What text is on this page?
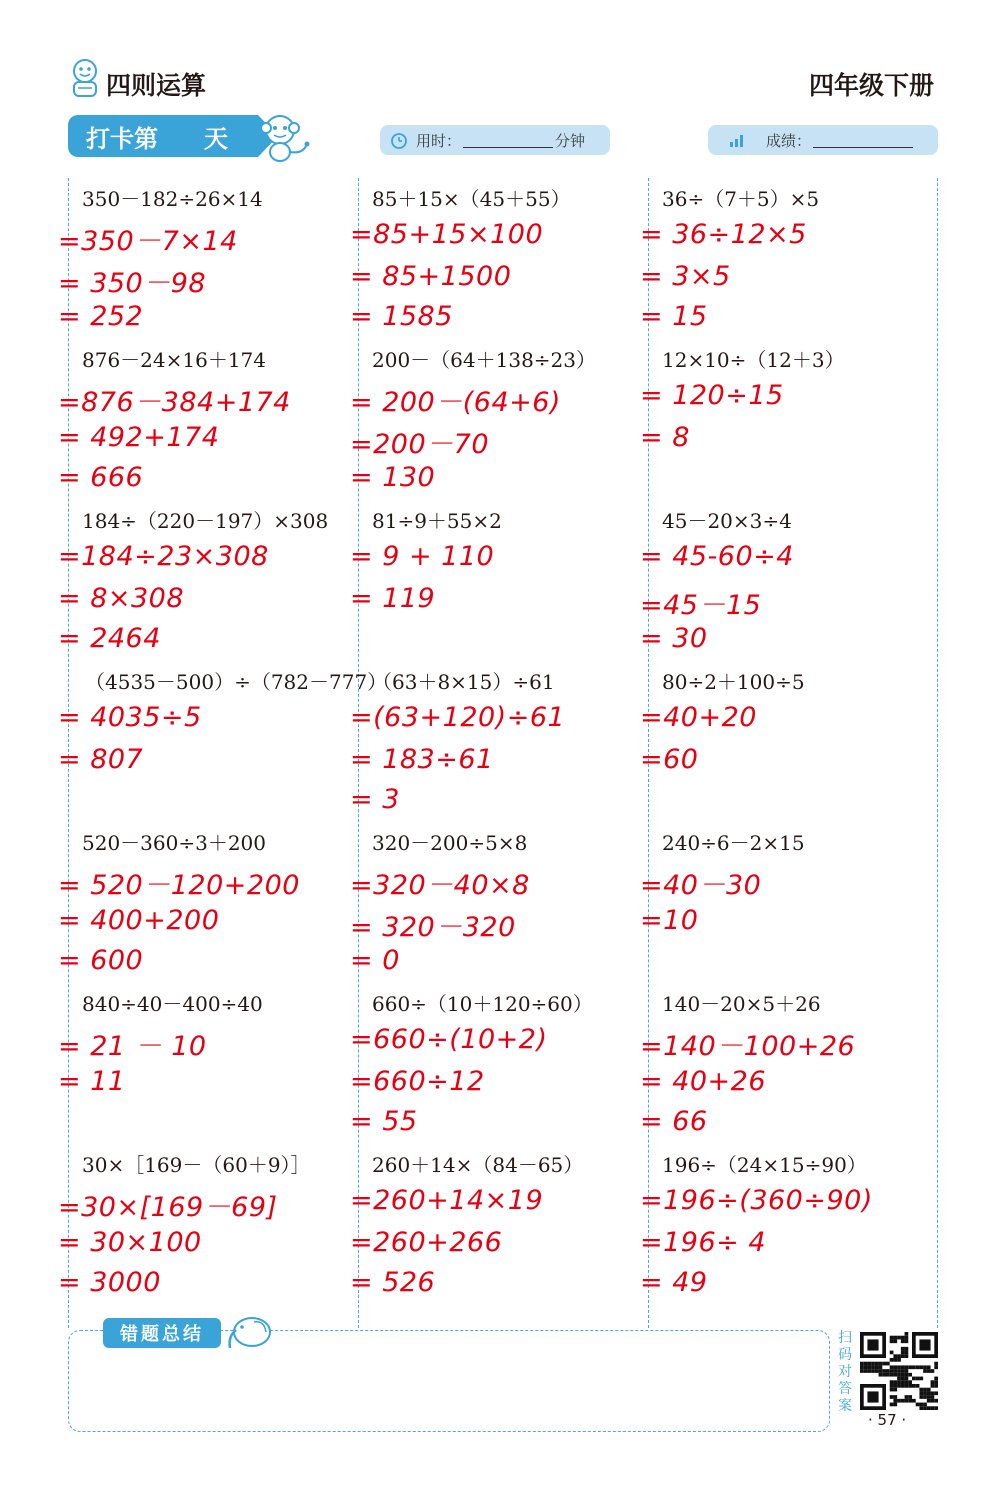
四则运算	四年级下册
打卡第 天	用时：	分钟	成绩：
350－182÷26×14
=350－7×14
= 350－98
= 252
85＋15×（45＋55）
=85+15×100
= 85+1500
= 1585
36÷（7＋5）×5
= 36÷12×5
= 3×5
= 15
876－24×16＋174
=876－384+174
= 492+174
= 666
200－（64＋138÷23）
= 200－(64+6)
=200－70
= 130
12×10÷（12＋3）
= 120÷15
= 8
184÷（220－197）×308
=184÷23×308
= 8×308
= 2464
81÷9＋55×2
= 9 + 110
= 119
45－20×3÷4
= 45-60÷4
=45－15
= 30
（4535－500）÷（782－777）
= 4035÷5
= 807
（63＋8×15）÷61
=(63+120)÷61
= 183÷61
= 3
80÷2＋100÷5
=40+20
=60
520－360÷3＋200
= 520－120+200
= 400+200
= 600
320－200÷5×8
=320－40×8
= 320－320
= 0
240÷6－2×15
=40－30
=10
840÷40－400÷40
= 21 － 10
= 11
660÷（10＋120÷60）
=660÷(10+2)
=660÷12
= 55
140－20×5＋26
=140－100+26
= 40+26
= 66
30×［169－（60＋9）］
=30×[169－69]
= 30×100
= 3000
260＋14×（84－65）
=260+14×19
=260+266
= 526
196÷（24×15÷90）
=196÷(360÷90)
=196÷ 4
= 49
错题总结	扫码对答案
· 57 ·
